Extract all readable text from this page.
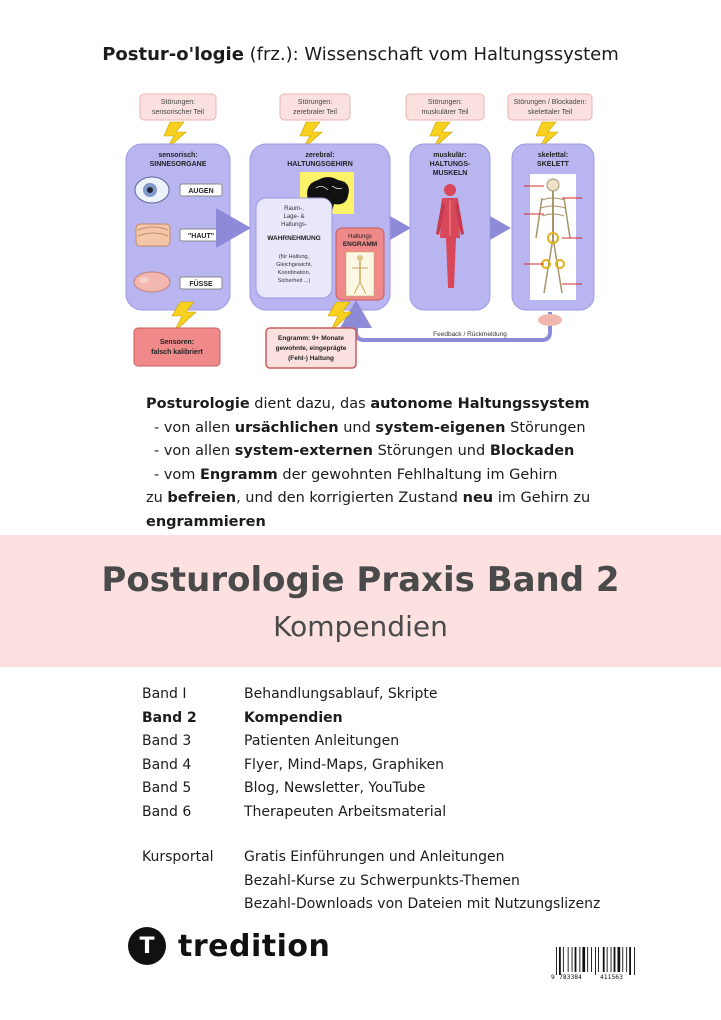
Postur-o'logie (frz.): Wissenschaft vom Haltungssystem
Störungen:
sensorischer Teil
Störungen:
zerebraler Teil
Störungen:
muskulärer Teil
Störungen / Blockaden:
skelettaler Teil
sensorisch:
SINNESORGANE
AUGEN
"HAUT"
FÜSSE
zerebral:
HALTUNGSGEHIRN
Raum-,
Lage- &
Haltungs-
WAHRNEHMUNG
(für Haltung,
Gleichgewicht,
Koordination,
Sicherheit ...)
Haltungs
ENGRAMM
muskulär:
HALTUNGS-
MUSKELN
skelettal:
SKELETT
Feedback / Rückmeldung
Sensoren:
falsch kalibriert
Engramm: 9+ Monate
gewohnte, eingeprägte
(Fehl-) Haltung
Posturologie dient dazu, das autonome Haltungssystem
- von allen ursächlichen und system-eigenen Störungen
- von allen system-externen Störungen und Blockaden
- vom Engramm der gewohnten Fehlhaltung im Gehirn
zu befreien, und den korrigierten Zustand neu im Gehirn zu engrammieren
Posturologie Praxis Band 2
Kompendien
Band I	Behandlungsablauf, Skripte
Band 2	Kompendien
Band 3	Patienten Anleitungen
Band 4	Flyer, Mind-Maps, Graphiken
Band 5	Blog, Newsletter, YouTube
Band 6	Therapeuten Arbeitsmaterial
Kursportal	Gratis Einführungen und Anleitungen
Bezahl-Kurse zu Schwerpunkts-Themen
Bezahl-Downloads von Dateien mit Nutzungslizenz
T tredition
9 783384	411563
